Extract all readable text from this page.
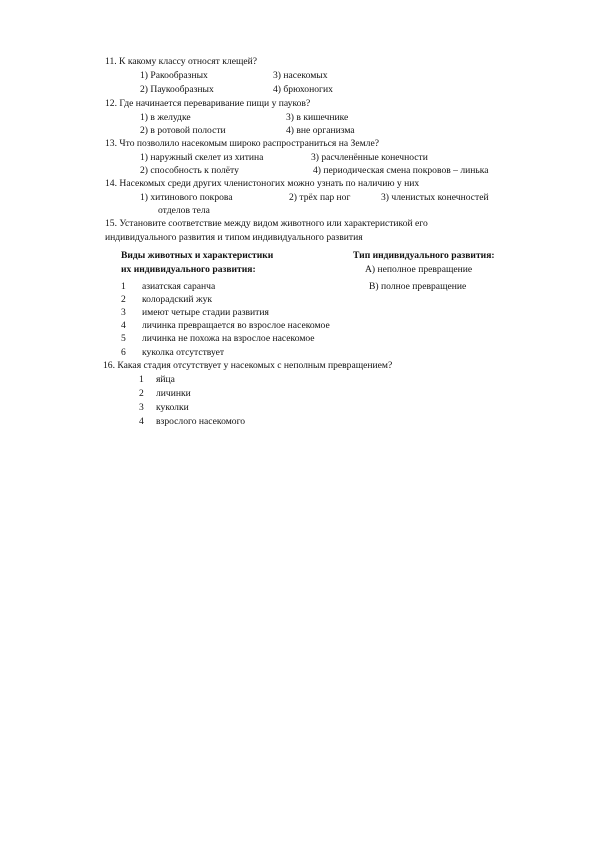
11. К какому классу относят клещей?
1) Ракообразных	3) насекомых
2) Паукообразных	4) брюхоногих
12. Где начинается переваривание пищи у пауков?
1) в желудке	3) в кишечнике
2) в ротовой полости	4) вне организма
13. Что позволило насекомым широко распространиться на Земле?
1) наружный скелет из хитина	3) расчленённые конечности
2) способность к полёту	4) периодическая смена покровов – линька
14. Насекомых среди других членистоногих можно узнать по наличию у них
1) хитинового покрова	2) трёх пар ног	3) членистых конечностей
отделов тела
15. Установите соответствие между видом животного или характеристикой его
индивидуального развития и типом индивидуального развития
Виды животных и характеристики	Тип индивидуального развития:
их индивидуального развития:	А) неполное превращение
В) полное превращение
1 азиатская саранча
2 колорадский жук
3 имеют четыре стадии развития
4 личинка превращается во взрослое насекомое
5 личинка не похожа на взрослое насекомое
6 куколка отсутствует
16. Какая стадия отсутствует у насекомых с неполным превращением?
1 яйца
2 личинки
3 куколки
4 взрослого насекомого
